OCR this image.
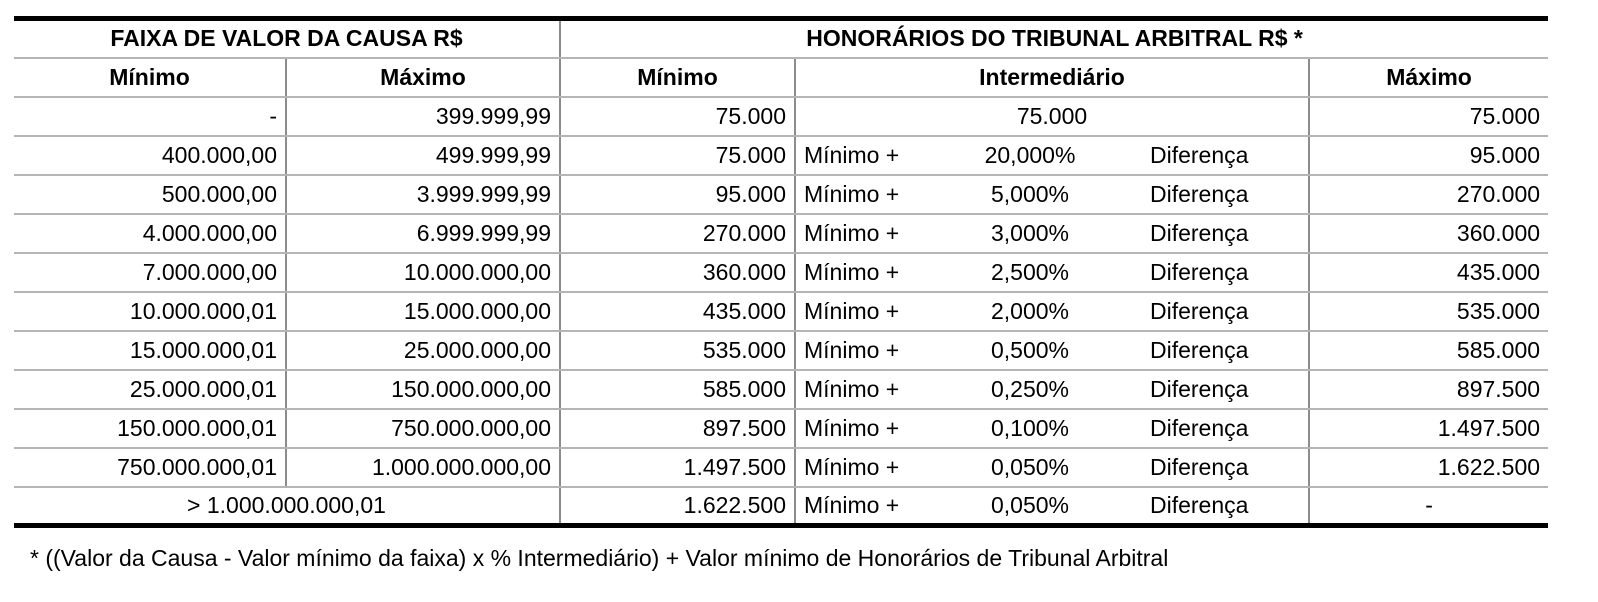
FAIXA DE VALOR DA CAUSA R$		HONORÁRIOS DO TRIBUNAL ARBITRAL R$ *				
Mínimo	Máximo	Mínimo	Intermediário			Máximo
-	399.999,99	75.000	75.000			75.000
400.000,00	499.999,99	75.000	Mínimo +	20,000%	Diferença	95.000
500.000,00	3.999.999,99	95.000	Mínimo +	5,000%	Diferença	270.000
4.000.000,00	6.999.999,99	270.000	Mínimo +	3,000%	Diferença	360.000
7.000.000,00	10.000.000,00	360.000	Mínimo +	2,500%	Diferença	435.000
10.000.000,01	15.000.000,00	435.000	Mínimo +	2,000%	Diferença	535.000
15.000.000,01	25.000.000,00	535.000	Mínimo +	0,500%	Diferença	585.000
25.000.000,01	150.000.000,00	585.000	Mínimo +	0,250%	Diferença	897.500
150.000.000,01	750.000.000,00	897.500	Mínimo +	0,100%	Diferença	1.497.500
750.000.000,01	1.000.000.000,00	1.497.500	Mínimo +	0,050%	Diferença	1.622.500
> 1.000.000.000,01		1.622.500	Mínimo +	0,050%	Diferença	-
* ((Valor da Causa - Valor mínimo da faixa) x % Intermediário) + Valor mínimo de Honorários de Tribunal Arbitral
